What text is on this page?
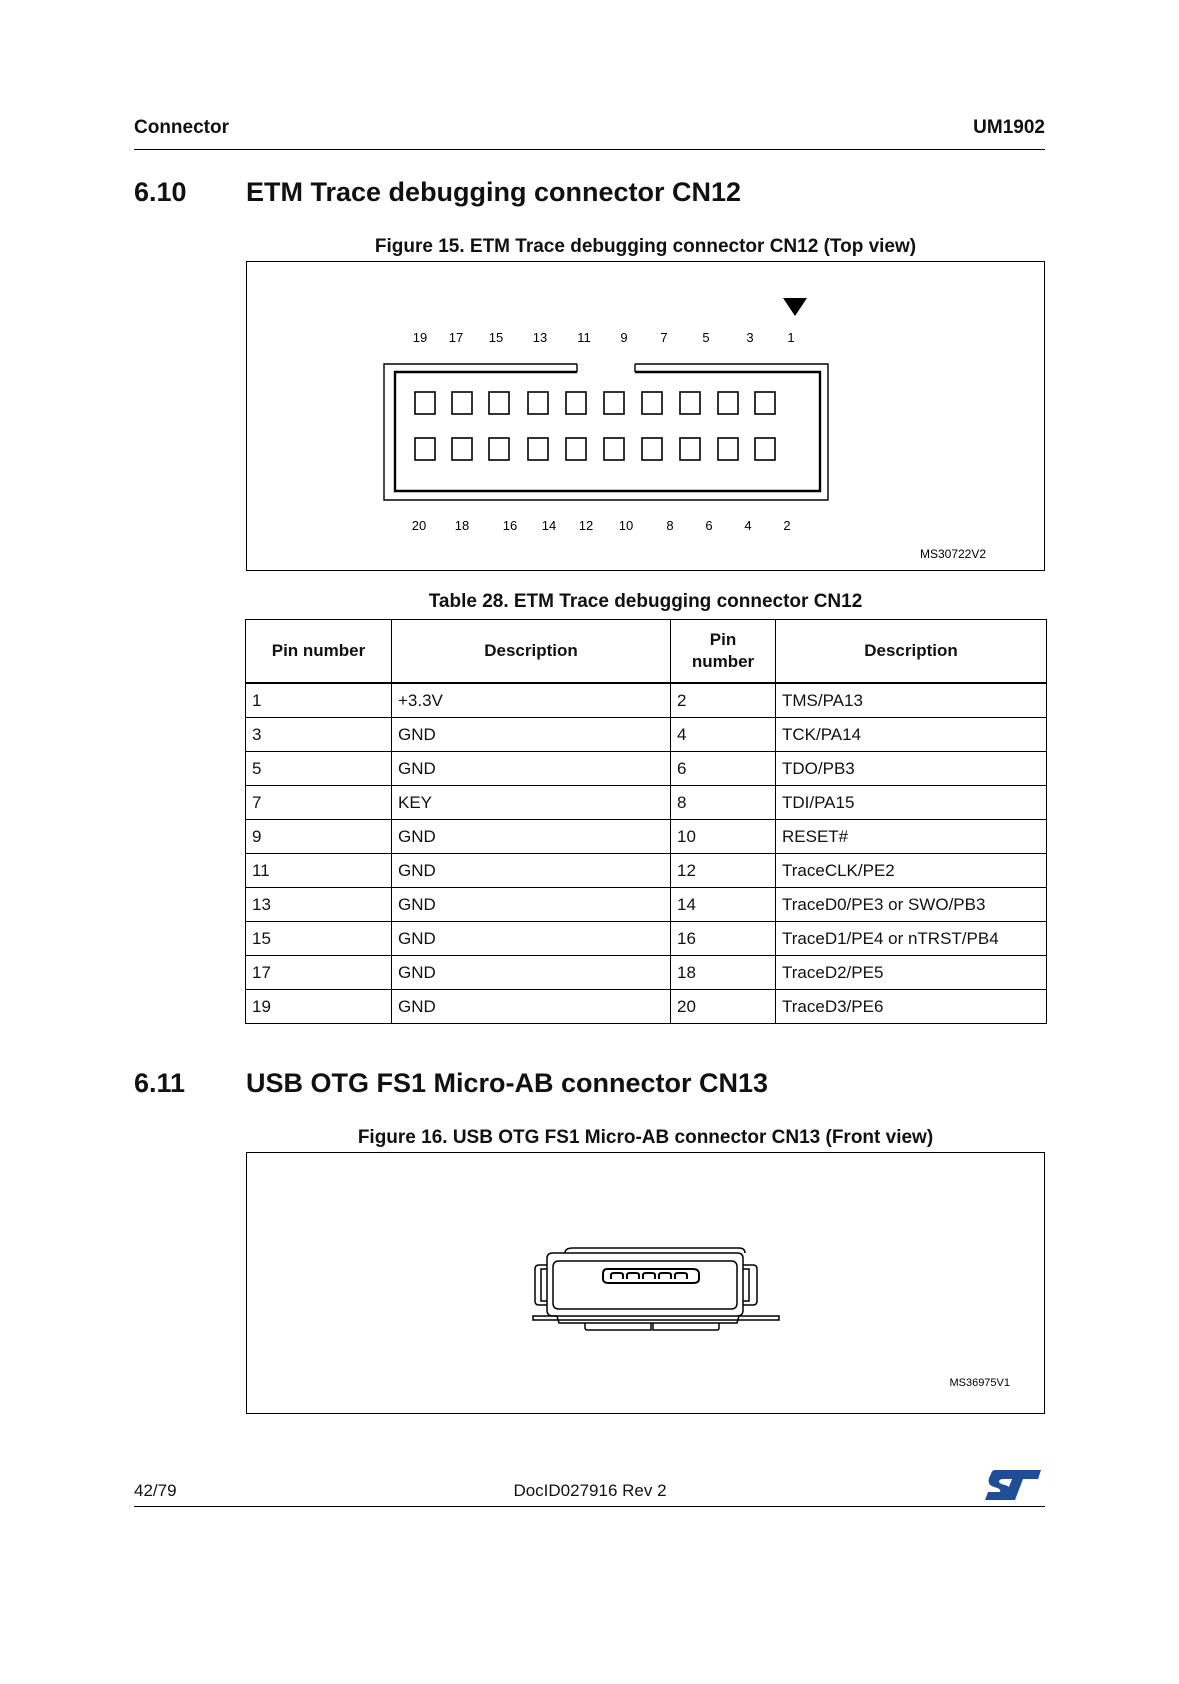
Connector	UM1902
6.10 ETM Trace debugging connector CN12
Figure 15. ETM Trace debugging connector CN12 (Top view)
19 17 15 13 11 9	7	5	3	1
20 18	16 14 12 10	8 6 4 2
MS30722V2
Table 28. ETM Trace debugging connector CN12
Pin number	Description	Pin number	Description
1	+3.3V	2	TMS/PA13
3	GND	4	TCK/PA14
5	GND	6	TDO/PB3
7	KEY	8	TDI/PA15
9	GND	10	RESET#
11	GND	12	TraceCLK/PE2
13	GND	14	TraceD0/PE3 or SWO/PB3
15	GND	16	TraceD1/PE4 or nTRST/PB4
17	GND	18	TraceD2/PE5
19	GND	20	TraceD3/PE6
6.11 USB OTG FS1 Micro-AB connector CN13
Figure 16. USB OTG FS1 Micro-AB connector CN13 (Front view)
MS36975V1
42/79	DocID027916 Rev 2
